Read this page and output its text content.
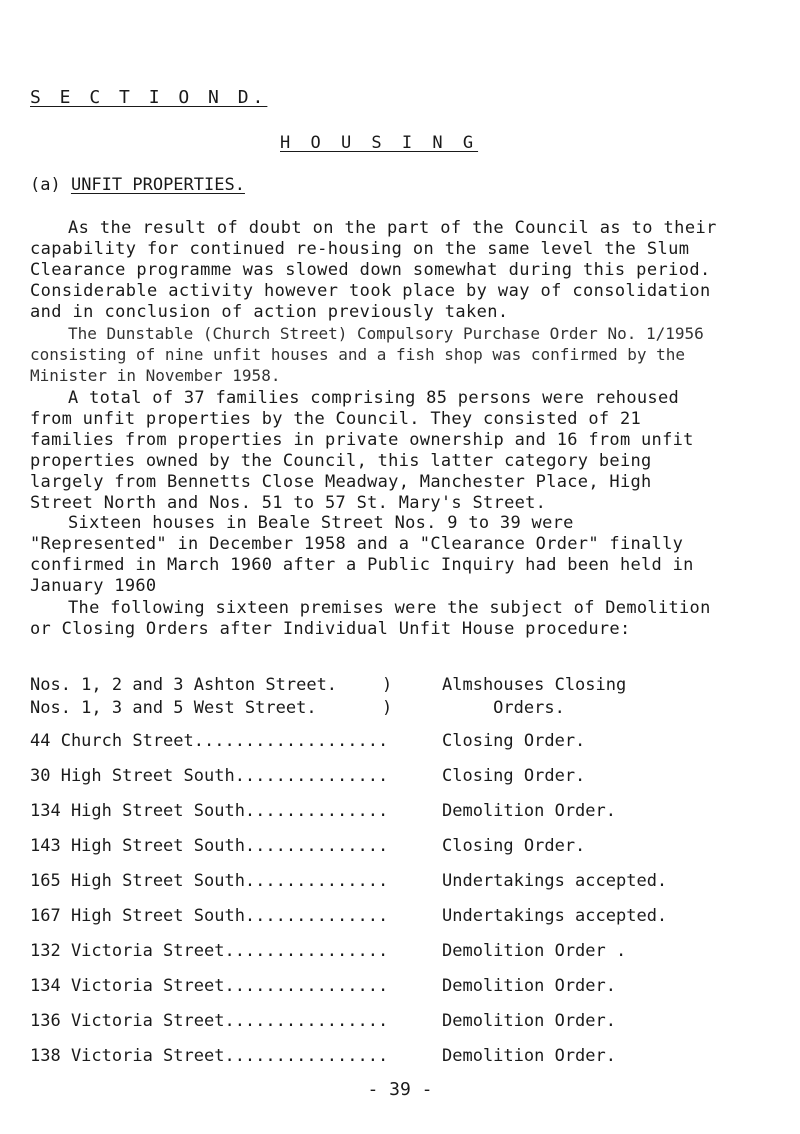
S E C T I O N D.
H O U S I N G
(a) UNFIT PROPERTIES.

As the result of doubt on the part of the Council as to their capability for continued re-housing on the same level the Slum Clearance programme was slowed down somewhat during this period. Considerable activity however took place by way of consolidation and in conclusion of action previously taken.

The Dunstable (Church Street) Compulsory Purchase Order No. 1/1956 consisting of nine unfit houses and a fish shop was confirmed by the Minister in November 1958.

A total of 37 families comprising 85 persons were rehoused from unfit properties by the Council. They consisted of 21 families from properties in private ownership and 16 from unfit properties owned by the Council, this latter category being largely from Bennetts Close Meadway, Manchester Place, High Street North and Nos. 51 to 57 St. Mary's Street.

Sixteen houses in Beale Street Nos. 9 to 39 were "Represented" in December 1958 and a "Clearance Order" finally confirmed in March 1960 after a Public Inquiry had been held in January 1960

The following sixteen premises were the subject of Demolition or Closing Orders after Individual Unfit House procedure:

Nos. 1, 2 and 3 Ashton Street.	)	Almshouses Closing
Nos. 1, 3 and 5 West Street.	)	Orders.
44 Church Street...................	Closing Order.
30 High Street South...............	Closing Order.
134 High Street South..............	Demolition Order.
143 High Street South..............	Closing Order.
165 High Street South..............	Undertakings accepted.
167 High Street South..............	Undertakings accepted.
132 Victoria Street................	Demolition Order .
134 Victoria Street................	Demolition Order.
136 Victoria Street................	Demolition Order.
138 Victoria Street................	Demolition Order.
- 39 -
